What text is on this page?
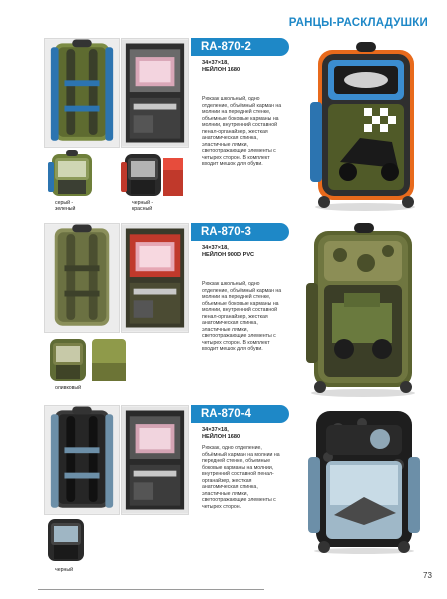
РАНЦЫ-РАСКЛАДУШКИ
RA-870-2
34×37×18,
НЕЙЛОН 1680

Рюкзак школьный, одно отделение, объёмный карман на молнии на передней стенке, объемные боковые карманы на молнии, внутренний составной пенал-органайзер, жесткая анатомическая спинка, эластичные лямки, светоотражающие элементы с четырех сторон. В комплект входит мешок для обуви.

серый - зеленый
черный - красный
RA-870-3
34×37×18,
НЕЙЛОН 900D PVC

Рюкзак школьный, одно отделение, объёмный карман на молнии на передней стенке, объемные боковые карманы на молнии, внутренний составной пенал-органайзер, жесткая анатомическая спинка, эластичные лямки, светоотражающие элементы с четырех сторон. В комплект входит мешок для обуви.

оливковый
RA-870-4
34×37×18,
НЕЙЛОН 1680

Рюкзак, одно отделение, объёмный карман на молнии на передней стенке, объемные боковые карманы на молнии, внутренний составной пенал-органайзер, жесткая анатомическая спинка, эластичные лямки, светоотражающие элементы с четырех сторон.

черный
73
